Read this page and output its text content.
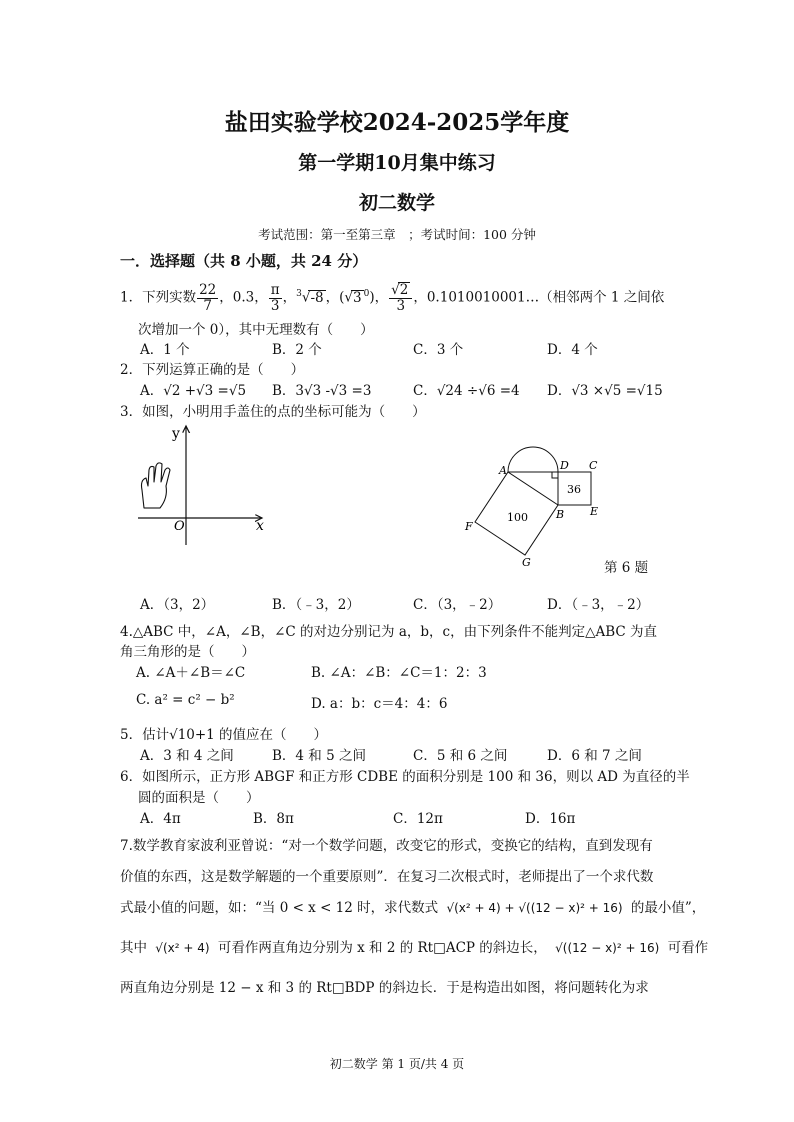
盐田实验学校2024-2025学年度
第一学期10月集中练习
初二数学
考试范围：第一至第三章　；考试时间：100 分钟
一．选择题（共 8 小题，共 24 分）
1．下列实数 $\frac{22}{7}$ ，0.3， $\frac{\pi}{3}$ ，$^3$√-8 ，(√3 $^0$)， $\frac{√2}{3}$ ，0.1010010001…（相邻两个 1 之间依
次增加一个 0），其中无理数有（　　）
A．1 个	B．2 个	C．3 个	D．4 个
2．下列运算正确的是（　　）
A．√2 +√3 =√5 B．3√3 -√3 =3	C．√24 ÷√6 =4 D．√3 ×√5 =√15
3．如图，小明用手盖住的点的坐标可能为（　　）
y
x
O
A	D C
B E
F
G
36
100
第 6 题
A．（3，2）	B．（﹣3，2）	C．（3，﹣2）	D．（﹣3，﹣2）
4.△ABC 中，∠A，∠B，∠C 的对边分别记为 a，b，c，由下列条件不能判定△ABC 为直
角三角形的是（　　）
A. ∠A＋∠B＝∠C	B. ∠A：∠B：∠C＝1：2：3
C. a² = c² − b²	D. a：b：c＝4：4：6
5．估计√10+1 的值应在（　　）
A．3 和 4 之间	B．4 和 5 之间	C．5 和 6 之间	D．6 和 7 之间
6．如图所示，正方形 ABGF 和正方形 CDBE 的面积分别是 100 和 36，则以 AD 为直径的半
圆的面积是（　　）
A．4π	B．8π	C．12π	D．16π
7.数学教育家波利亚曾说：“对一个数学问题，改变它的形式，变换它的结构，直到发现有
价值的东西，这是数学解题的一个重要原则”．在复习二次根式时，老师提出了一个求代数
式最小值的问题，如：“当 0 < x < 12 时，求代数式 √(x² + 4) + √((12 − x)² + 16) 的最小值”，
其中 √(x² + 4) 可看作两直角边分别为 x 和 2 的 Rt□ACP 的斜边长， √((12 − x)² + 16) 可看作
两直角边分别是 12 − x 和 3 的 Rt□BDP 的斜边长．于是构造出如图，将问题转化为求
初二数学 第 1 页/共 4 页
